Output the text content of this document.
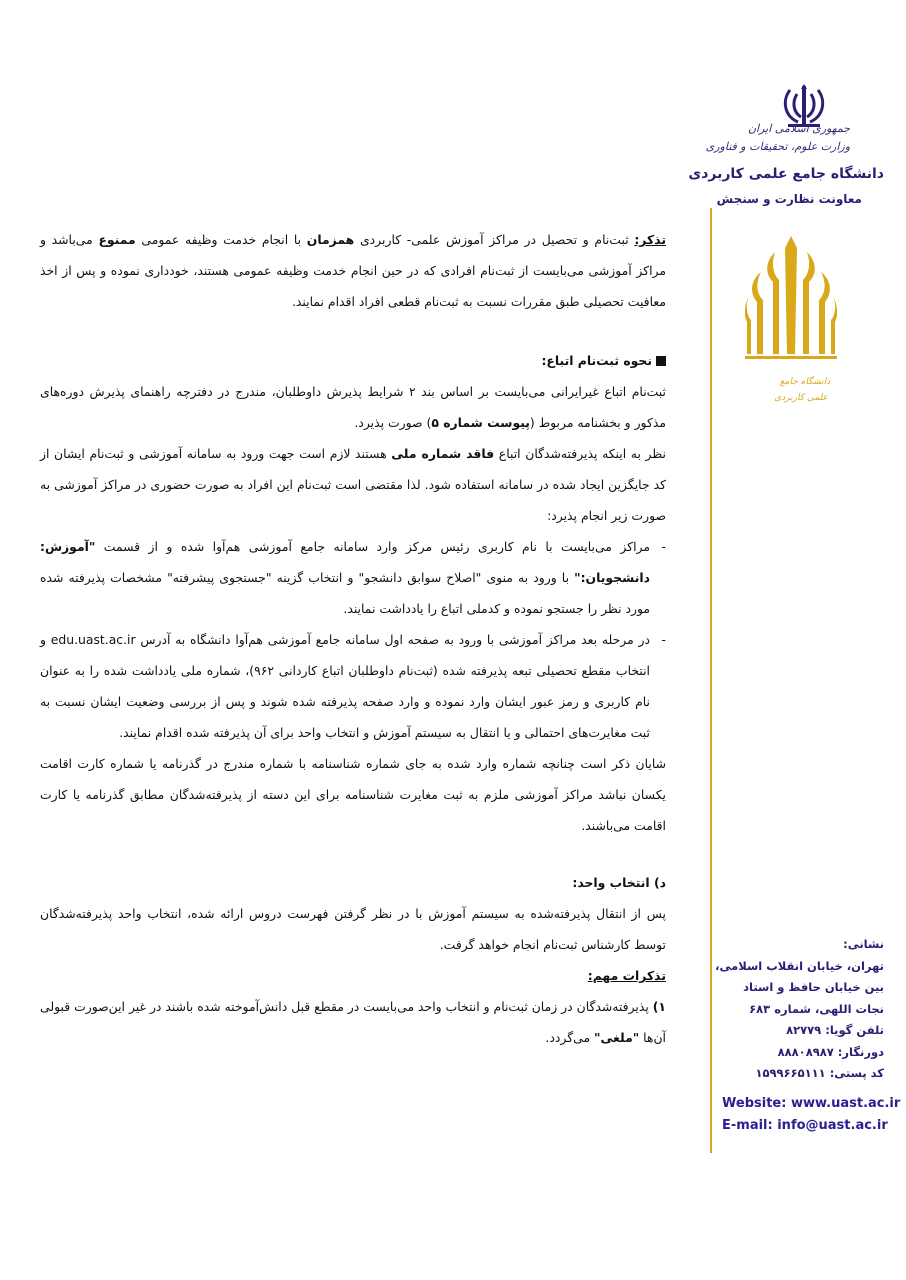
جمهوری اسلامی ایران
وزارت علوم، تحقیقات و فناوری
دانشگاه جامع علمی کاربردی
معاونت نظارت و سنجش
دانشگاه جامع
علمی کاربردی
نشانی:
تهران، خیابان انقلاب اسلامی،
بین خیابان حافظ و استاد
نجات اللهی، شماره ۶۸۳
تلفن گویا: ۸۲۷۷۹
دورنگار: ۸۸۸۰۸۹۸۷
کد پستی: ۱۵۹۹۶۶۵۱۱۱
Website: www.uast.ac.ir
E-mail: info@uast.ac.ir

تذکر: ثبت‌نام و تحصیل در مراکز آموزش علمی- کاربردی همزمان با انجام خدمت وظیفه عمومی ممنوع می‌باشد و مراکز آموزشی می‌بایست از ثبت‌نام افرادی که در حین انجام خدمت وظیفه عمومی هستند، خودداری نموده و پس از اخذ معافیت تحصیلی طبق مقررات نسبت به ثبت‌نام قطعی افراد اقدام نمایند.

نحوه ثبت‌نام اتباع:

ثبت‌نام اتباع غیرایرانی می‌بایست بر اساس بند ۲ شرایط پذیرش داوطلبان، مندرج در دفترچه راهنمای پذیرش دوره‌های مذکور و بخشنامه مربوط (پیوست شماره ۵) صورت پذیرد.

نظر به اینکه پذیرفته‌شدگان اتباع فاقد شماره ملی هستند لازم است جهت ورود به سامانه آموزشی و ثبت‌نام ایشان از کد جایگزین ایجاد شده در سامانه استفاده شود. لذا مقتضی است ثبت‌نام این افراد به صورت حضوری در مراکز آموزشی به صورت زیر انجام پذیرد:

-
مراکز می‌بایست با نام کاربری رئیس مرکز وارد سامانه جامع آموزشی هم‌آوا شده و از قسمت "آموزش: دانشجویان:" با ورود به منوی "اصلاح سوابق دانشجو" و انتخاب گزینه "جستجوی پیشرفته" مشخصات پذیرفته شده مورد نظر را جستجو نموده و کدملی اتباع را یادداشت نمایند.

-
در مرحله بعد مراکز آموزشی با ورود به صفحه اول سامانه جامع آموزشی هم‌آوا دانشگاه به آدرس edu.uast.ac.ir و انتخاب مقطع تحصیلی تبعه پذیرفته شده (ثبت‌نام داوطلبان اتباع کاردانی ۹۶۲)، شماره ملی یادداشت شده را به عنوان نام کاربری و رمز عبور ایشان وارد نموده و وارد صفحه پذیرفته شده شوند و پس از بررسی وضعیت ایشان نسبت به ثبت مغایرت‌های احتمالی و یا انتقال به سیستم آموزش و انتخاب واحد برای آن پذیرفته شده اقدام نمایند.

شایان ذکر است چنانچه شماره وارد شده به جای شماره شناسنامه با شماره مندرج در گذرنامه یا شماره کارت اقامت یکسان نباشد مراکز آموزشی ملزم به ثبت مغایرت شناسنامه برای این دسته از پذیرفته‌شدگان مطابق گذرنامه یا کارت اقامت می‌باشند.

د) انتخاب واحد:

پس از انتقال پذیرفته‌شده به سیستم آموزش با در نظر گرفتن فهرست دروس ارائه شده، انتخاب واحد پذیرفته‌شدگان توسط کارشناس ثبت‌نام انجام خواهد گرفت.

تذکرات مهم:

۱) پذیرفته‌شدگان در زمان ثبت‌نام و انتخاب واحد می‌بایست در مقطع قبل دانش‌آموخته شده باشند در غیر این‌صورت قبولی آن‌ها "ملغی" می‌گردد.
